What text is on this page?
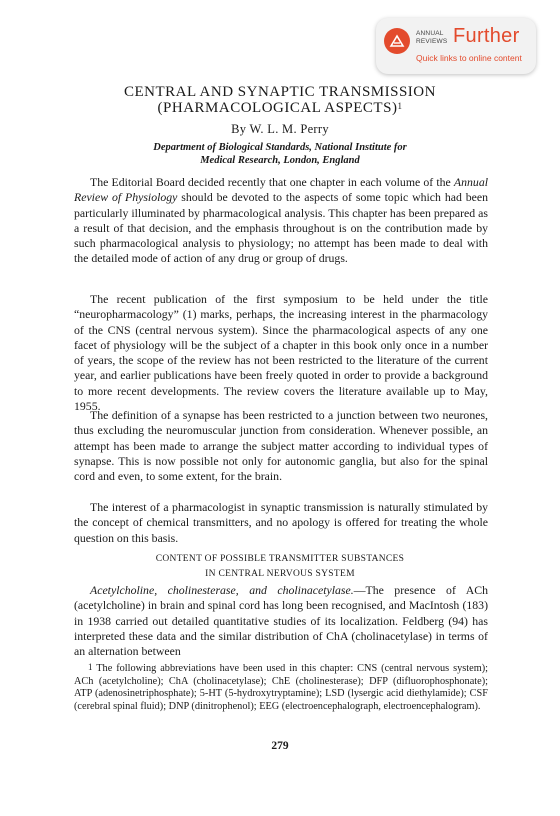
ANNUAL
REVIEWS Further
Quick links to online content
CENTRAL AND SYNAPTIC TRANSMISSION
(PHARMACOLOGICAL ASPECTS)$^1$
By W. L. M. Perry
Department of Biological Standards, National Institute for
Medical Research, London, England

The Editorial Board decided recently that one chapter in each volume of the Annual Review of Physiology should be devoted to the aspects of some topic which had been particularly illuminated by pharmacological analysis. This chapter has been prepared as a result of that decision, and the emphasis throughout is on the contribution made by such pharmacological analysis to physiology; no attempt has been made to deal with the detailed mode of action of any drug or group of drugs.

The recent publication of the first symposium to be held under the title “neuropharmacology” (1) marks, perhaps, the increasing interest in the pharmacology of the CNS (central nervous system). Since the pharmacological aspects of any one facet of physiology will be the subject of a chapter in this book only once in a number of years, the scope of the review has not been restricted to the literature of the current year, and earlier publications have been freely quoted in order to provide a background to more recent developments. The review covers the literature available up to May, 1955.

The definition of a synapse has been restricted to a junction between two neurones, thus excluding the neuromuscular junction from consideration. Whenever possible, an attempt has been made to arrange the subject matter according to individual types of synapse. This is now possible not only for autonomic ganglia, but also for the spinal cord and even, to some extent, for the brain.

The interest of a pharmacologist in synaptic transmission is naturally stimulated by the concept of chemical transmitters, and no apology is offered for treating the whole question on this basis.

CONTENT OF POSSIBLE TRANSMITTER SUBSTANCES
IN CENTRAL NERVOUS SYSTEM

Acetylcholine, cholinesterase, and cholinacetylase.—The presence of ACh (acetylcholine) in brain and spinal cord has long been recognised, and MacIntosh (183) in 1938 carried out detailed quantitative studies of its localization. Feldberg (94) has interpreted these data and the similar distribution of ChA (cholinacetylase) in terms of an alternation between

1 The following abbreviations have been used in this chapter: CNS (central nervous system); ACh (acetylcholine); ChA (cholinacetylase); ChE (cholinesterase); DFP (difluorophosphonate); ATP (adenosinetriphosphate); 5-HT (5-hydroxytryptamine); LSD (lysergic acid diethylamide); CSF (cerebral spinal fluid); DNP (dinitrophenol); EEG (electroencephalograph, electroencephalogram).

279
